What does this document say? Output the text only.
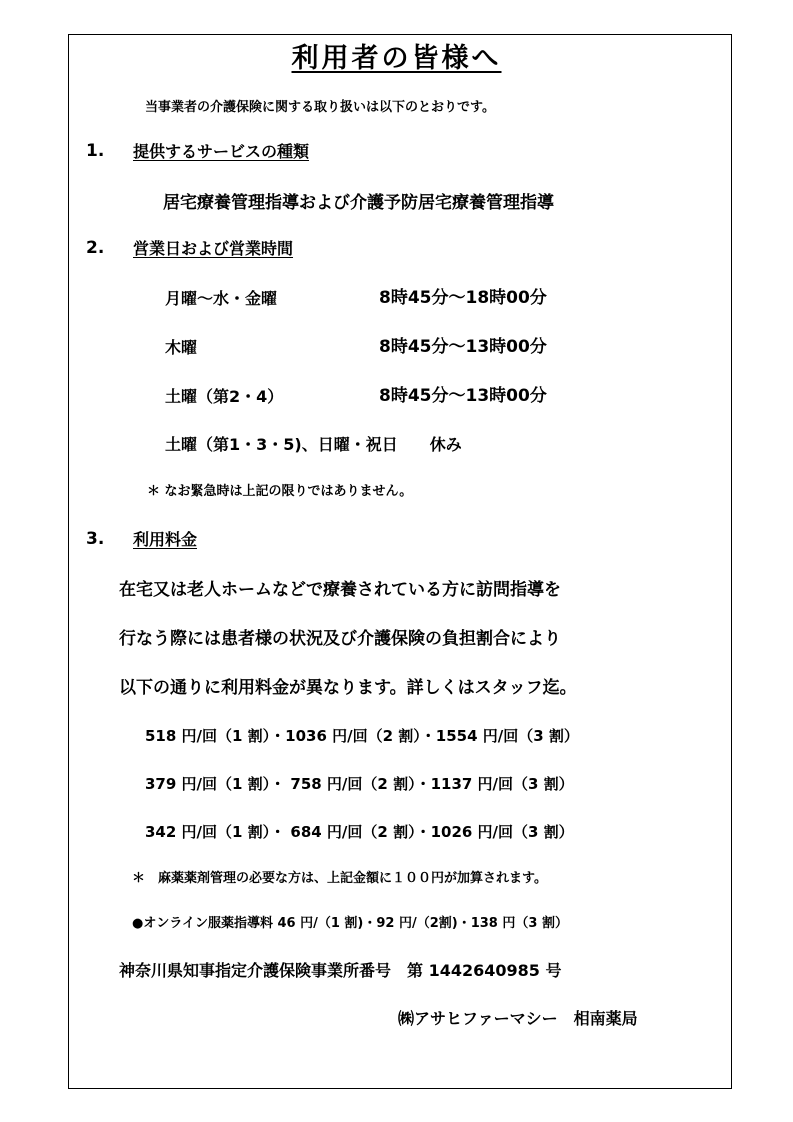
利用者の皆様へ
当事業者の介護保険に関する取り扱いは以下のとおりです。
1. 提供するサービスの種類
居宅療養管理指導および介護予防居宅療養管理指導
2. 営業日および営業時間
月曜～水・金曜	8時45分～18時00分
木曜	8時45分～13時00分
土曜（第2・4）	8時45分～13時00分
土曜（第1・3・5)、日曜・祝日　　休み
＊ なお緊急時は上記の限りではありません。
3. 利用料金
在宅又は老人ホームなどで療養されている方に訪問指導を
行なう際には患者様の状況及び介護保険の負担割合により
以下の通りに利用料金が異なります。詳しくはスタッフ迄。
518 円/回（1 割）・1036 円/回（2 割）・1554 円/回（3 割）
379 円/回（1 割）・ 758 円/回（2 割）・1137 円/回（3 割）
342 円/回（1 割）・ 684 円/回（2 割）・1026 円/回（3 割）
＊　麻薬薬剤管理の必要な方は、上記金額に１００円が加算されます。
●オンライン服薬指導料 46 円/（1 割)・92 円/（2割)・138 円（3 割）
神奈川県知事指定介護保険事業所番号　第 1442640985 号
㈱アサヒファーマシー　相南薬局
